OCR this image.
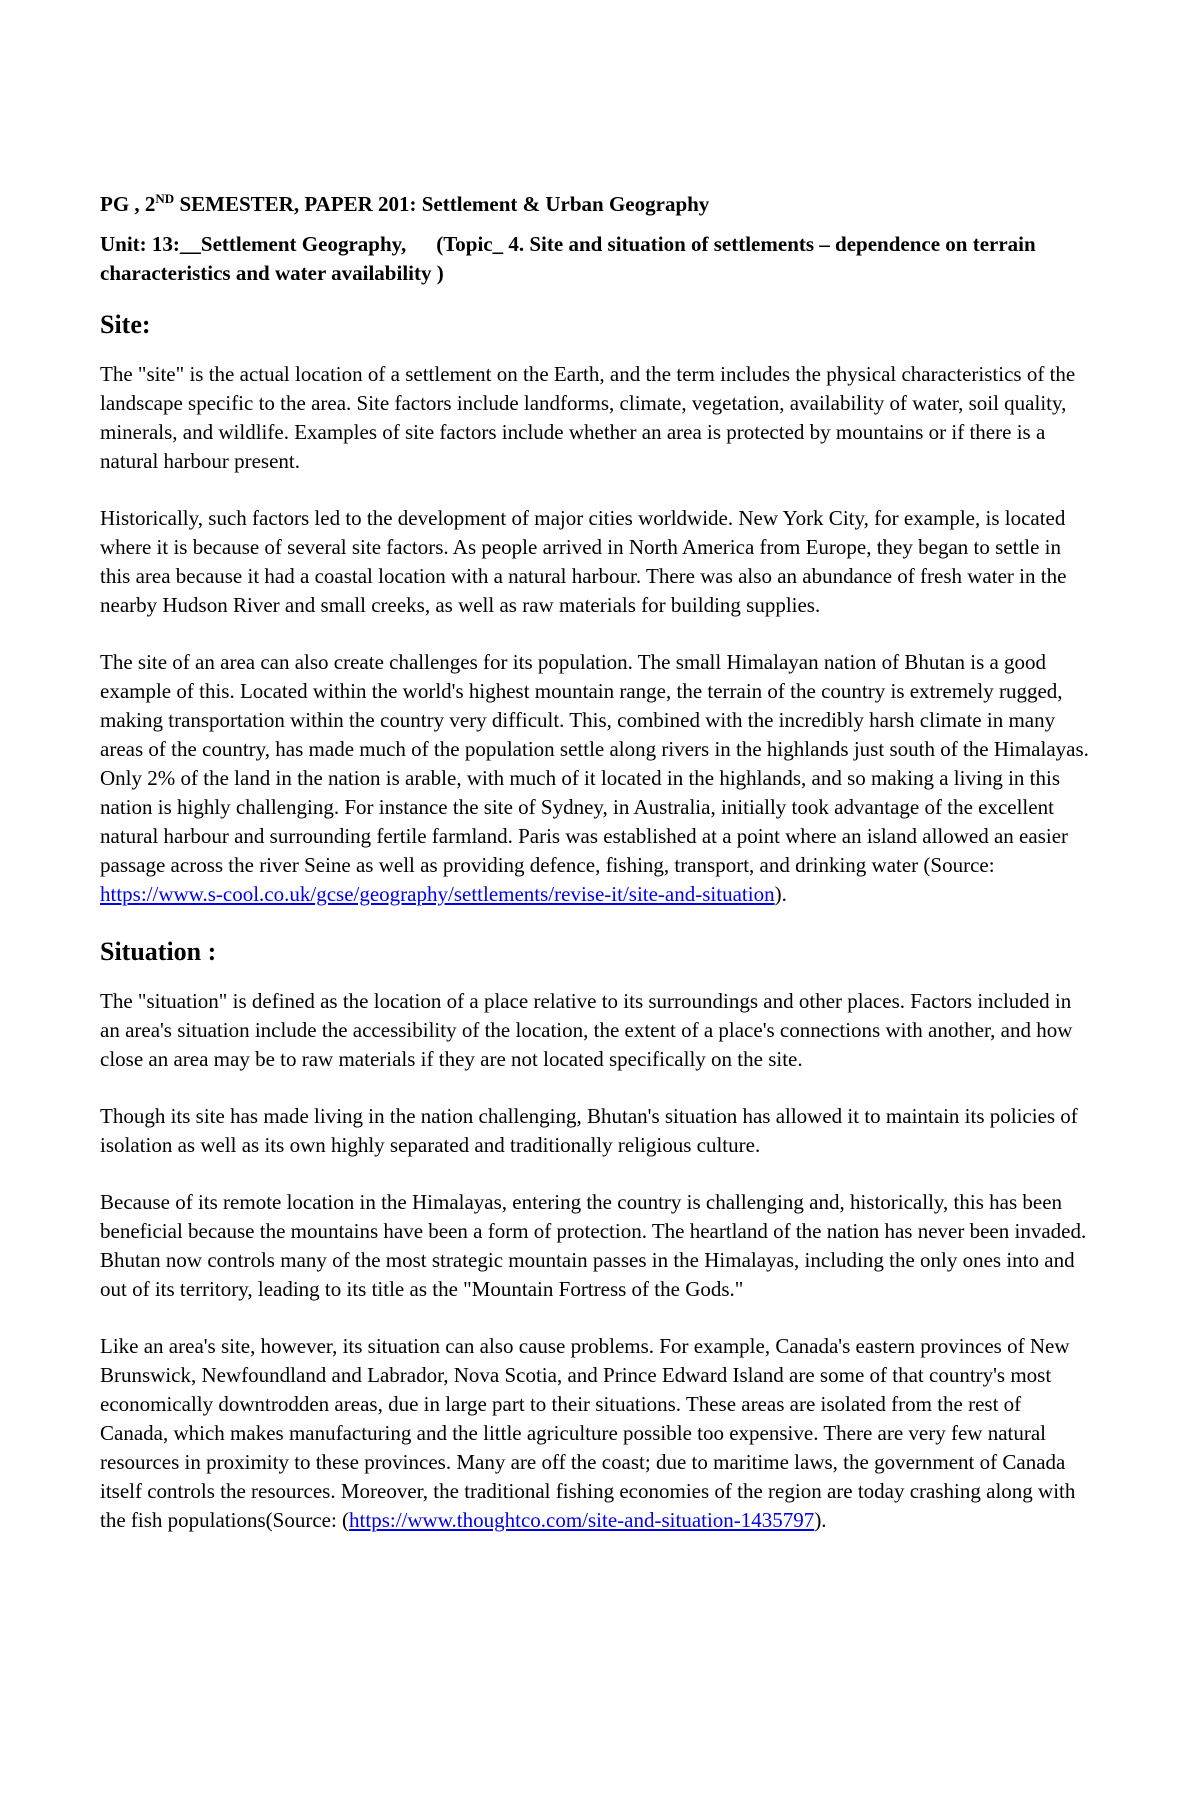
PG , 2ND SEMESTER, PAPER 201: Settlement & Urban Geography
Unit: 13:__Settlement Geography, (Topic_ 4. Site and situation of settlements – dependence on terrain characteristics and water availability )
Site:

The "site" is the actual location of a settlement on the Earth, and the term includes the physical characteristics of the landscape specific to the area. Site factors include landforms, climate, vegetation, availability of water, soil quality, minerals, and wildlife. Examples of site factors include whether an area is protected by mountains or if there is a natural harbour present.

Historically, such factors led to the development of major cities worldwide. New York City, for example, is located where it is because of several site factors. As people arrived in North America from Europe, they began to settle in this area because it had a coastal location with a natural harbour. There was also an abundance of fresh water in the nearby Hudson River and small creeks, as well as raw materials for building supplies.

The site of an area can also create challenges for its population. The small Himalayan nation of Bhutan is a good example of this. Located within the world's highest mountain range, the terrain of the country is extremely rugged, making transportation within the country very difficult. This, combined with the incredibly harsh climate in many areas of the country, has made much of the population settle along rivers in the highlands just south of the Himalayas. Only 2% of the land in the nation is arable, with much of it located in the highlands, and so making a living in this nation is highly challenging. For instance the site of Sydney, in Australia, initially took advantage of the excellent natural harbour and surrounding fertile farmland. Paris was established at a point where an island allowed an easier passage across the river Seine as well as providing defence, fishing, transport, and drinking water (Source: https://www.s-cool.co.uk/gcse/geography/settlements/revise-it/site-and-situation).

Situation :

The "situation" is defined as the location of a place relative to its surroundings and other places. Factors included in an area's situation include the accessibility of the location, the extent of a place's connections with another, and how close an area may be to raw materials if they are not located specifically on the site.

Though its site has made living in the nation challenging, Bhutan's situation has allowed it to maintain its policies of isolation as well as its own highly separated and traditionally religious culture.

Because of its remote location in the Himalayas, entering the country is challenging and, historically, this has been beneficial because the mountains have been a form of protection. The heartland of the nation has never been invaded. Bhutan now controls many of the most strategic mountain passes in the Himalayas, including the only ones into and out of its territory, leading to its title as the "Mountain Fortress of the Gods."

Like an area's site, however, its situation can also cause problems. For example, Canada's eastern provinces of New Brunswick, Newfoundland and Labrador, Nova Scotia, and Prince Edward Island are some of that country's most economically downtrodden areas, due in large part to their situations. These areas are isolated from the rest of Canada, which makes manufacturing and the little agriculture possible too expensive. There are very few natural resources in proximity to these provinces. Many are off the coast; due to maritime laws, the government of Canada itself controls the resources. Moreover, the traditional fishing economies of the region are today crashing along with the fish populations(Source: (https://www.thoughtco.com/site-and-situation-1435797).
